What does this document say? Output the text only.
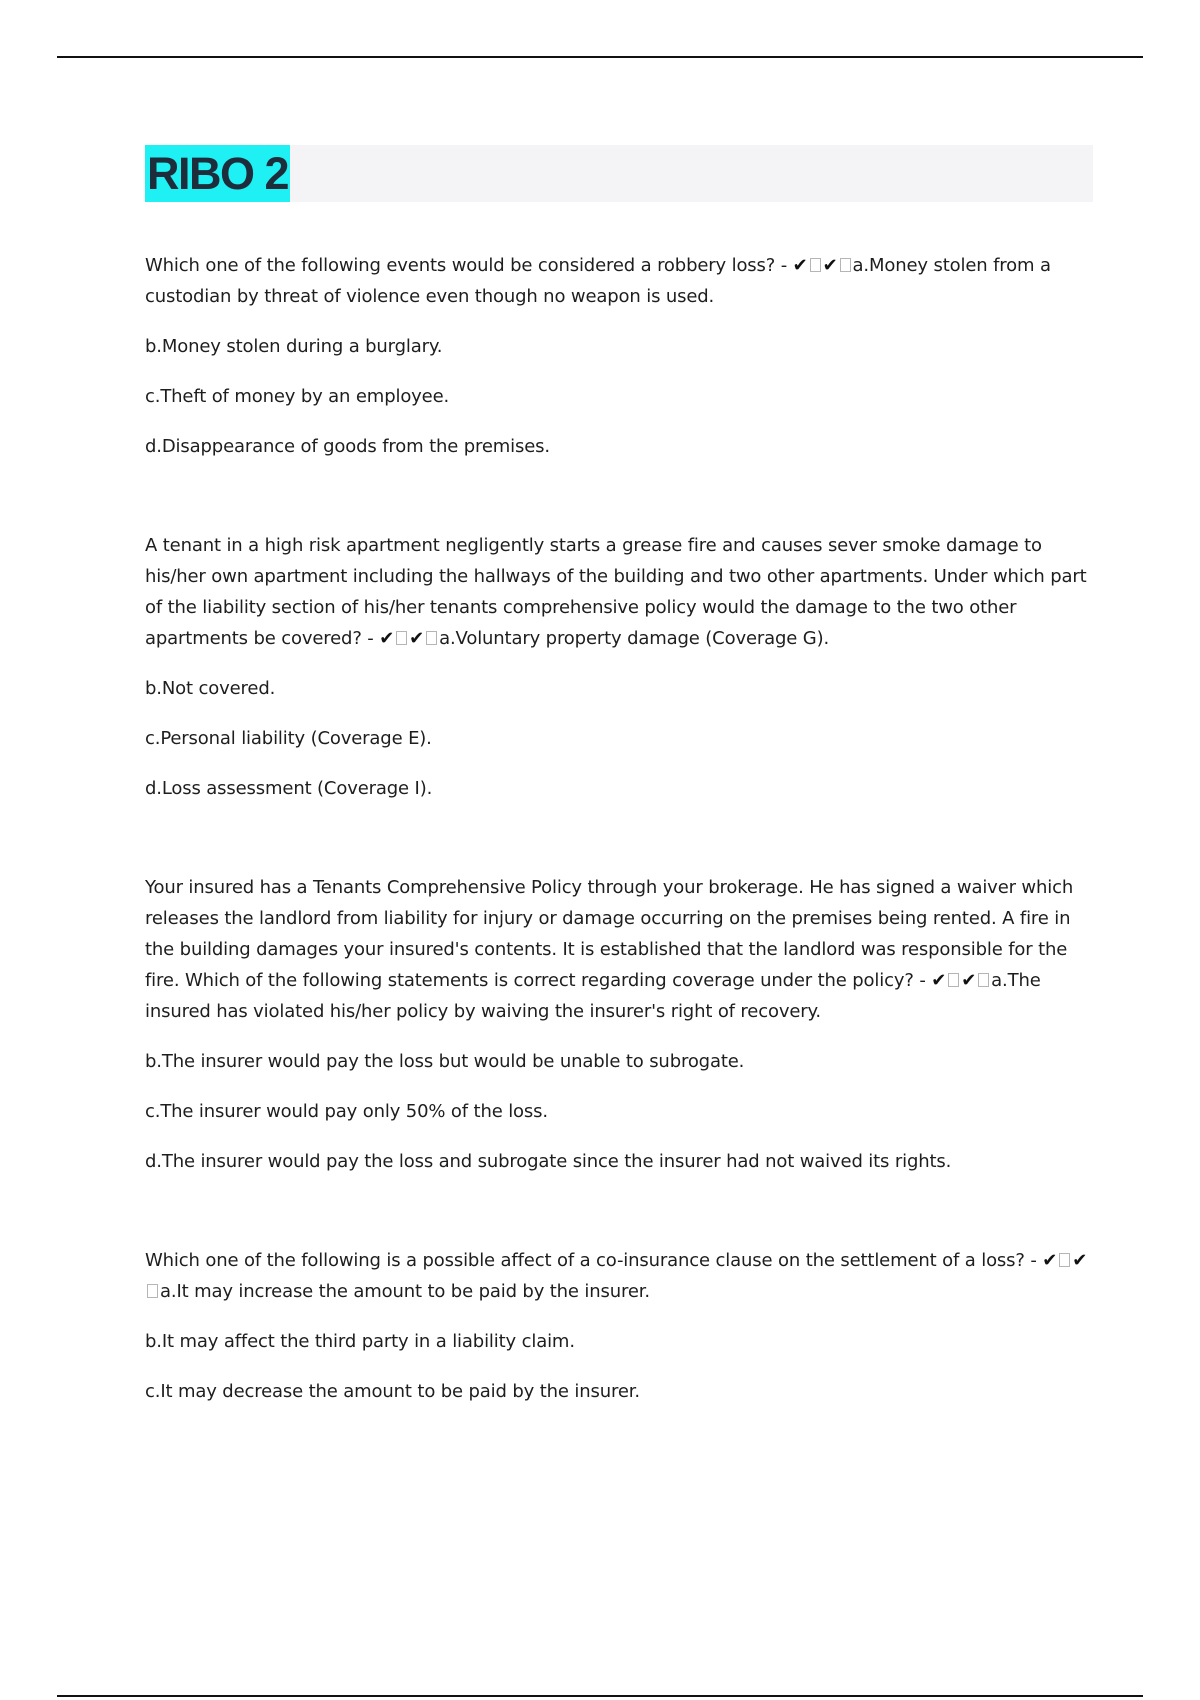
RIBO 2

Which one of the following events would be considered a robbery loss? - ✔ ✔ a.Money stolen from a custodian by threat of violence even though no weapon is used.

b.Money stolen during a burglary.

c.Theft of money by an employee.

d.Disappearance of goods from the premises.

A tenant in a high risk apartment negligently starts a grease fire and causes sever smoke damage to his/her own apartment including the hallways of the building and two other apartments. Under which part of the liability section of his/her tenants comprehensive policy would the damage to the two other apartments be covered? - ✔ ✔ a.Voluntary property damage (Coverage G).

b.Not covered.

c.Personal liability (Coverage E).

d.Loss assessment (Coverage I).

Your insured has a Tenants Comprehensive Policy through your brokerage. He has signed a waiver which releases the landlord from liability for injury or damage occurring on the premises being rented. A fire in the building damages your insured's contents. It is established that the landlord was responsible for the fire. Which of the following statements is correct regarding coverage under the policy? - ✔ ✔ a.The insured has violated his/her policy by waiving the insurer's right of recovery.

b.The insurer would pay the loss but would be unable to subrogate.

c.The insurer would pay only 50% of the loss.

d.The insurer would pay the loss and subrogate since the insurer had not waived its rights.

Which one of the following is a possible affect of a co-insurance clause on the settlement of a loss? - ✔ ✔a.It may increase the amount to be paid by the insurer.

b.It may affect the third party in a liability claim.

c.It may decrease the amount to be paid by the insurer.
